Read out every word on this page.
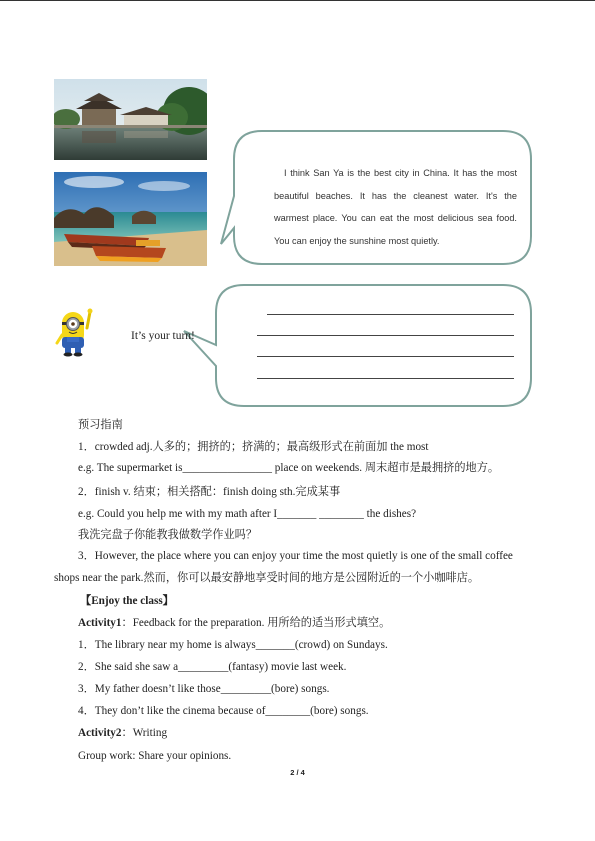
I think San Ya is the best city in China. It has the most beautiful beaches. It has the cleanest water. It's the warmest place. You can eat the most delicious sea food. You can enjoy the sunshine most quietly.

It’s your turn!
预习指南
1．crowded adj.人多的；拥挤的；挤满的；最高级形式在前面加 the most
e.g. The supermarket is________________ place on weekends. 周末超市是最拥挤的地方。
2．finish v. 结束；相关搭配：finish doing sth.完成某事
e.g. Could you help me with my math after I_______ ________ the dishes?
我洗完盘子你能教我做数学作业吗？
3．However, the place where you can enjoy your time the most quietly is one of the small coffee
shops near the park.然而，你可以最安静地享受时间的地方是公园附近的一个小咖啡店。
【Enjoy the class】
Activity1：Feedback for the preparation. 用所给的适当形式填空。
1．The library near my home is always_______(crowd) on Sundays.
2．She said she saw a_________(fantasy) movie last week.
3．My father doesn’t like those_________(bore) songs.
4．They don’t like the cinema because of________(bore) songs.
Activity2：Writing
Group work: Share your opinions.
2 / 4
